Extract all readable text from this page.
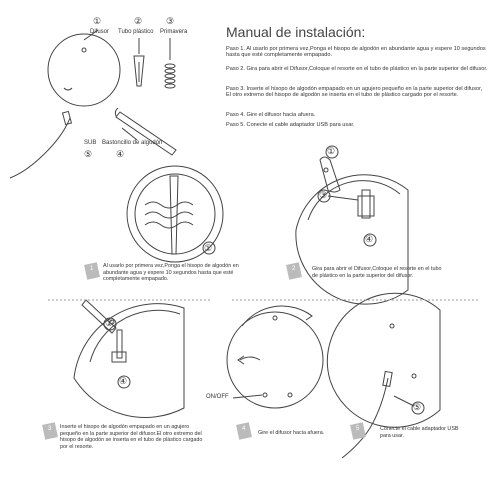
①
Difusor
②
Tubo plástico
③
Primavera
SUB
⑤
Bastoncillo de algodón
④
Manual de instalación:
Paso 1. Al usarlo por primera vez,Ponga el hisopo de algodón en abundante agua y espere 10 segundos hasta que esté completamente empapado.
Paso 2. Gira para abrir el Difusor,Coloque el resorte en el tubo de plástico en la parte superior del difusor.
Paso 3. Inserte el hisopo de algodón empapado en un agujero pequeño en la parte superior del difusor, El otro extremo del hisopo de algodón se inserta en el tubo de plástico cargado por el resorte.
Paso 4. Gire el difusor hacia afuera.
Paso 5. Conecte el cable adaptador USB para usar.
①
1 Al usarlo por primera vez,Ponga el hisopo de algodón en abundante agua y espere 10 segundos hasta que esté completamente empapado.
①
③
④
2	Gira para abrir el Difusor,Coloque el resorte en el tubo de plástico en la parte superior del difusor.
①
④
3 Inserte el hisopo de algodón empapado en un agujero pequeño en la parte superior del difusor.El otro extremo del hisopo de algodón se inserta en el tubo de plástico cargado por el resorte.
ON/OFF
4
Gire el difusor hacia afuera.
⑤
5	Conecte el cable adaptador USB para usar.
